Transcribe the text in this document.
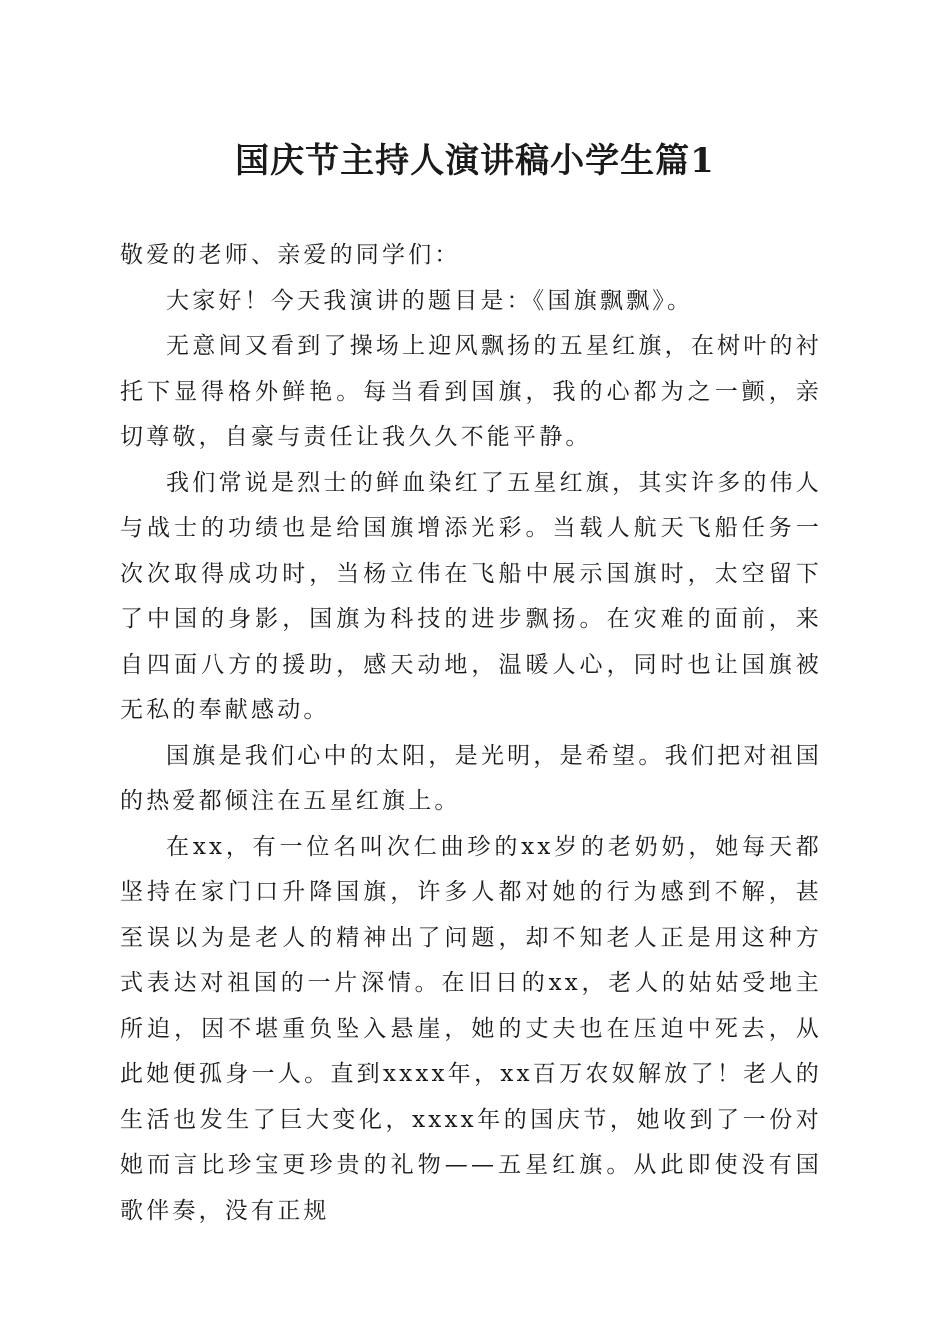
国庆节主持人演讲稿小学生篇1

敬爱的老师、亲爱的同学们：

大家好！今天我演讲的题目是：《国旗飘飘》。

无意间又看到了操场上迎风飘扬的五星红旗，在树叶的衬托下显得格外鲜艳。每当看到国旗，我的心都为之一颤，亲切尊敬，自豪与责任让我久久不能平静。

我们常说是烈士的鲜血染红了五星红旗，其实许多的伟人与战士的功绩也是给国旗增添光彩。当载人航天飞船任务一次次取得成功时，当杨立伟在飞船中展示国旗时，太空留下了中国的身影，国旗为科技的进步飘扬。在灾难的面前，来自四面八方的援助，感天动地，温暖人心，同时也让国旗被无私的奉献感动。

国旗是我们心中的太阳，是光明，是希望。我们把对祖国的热爱都倾注在五星红旗上。

在xx，有一位名叫次仁曲珍的xx岁的老奶奶，她每天都坚持在家门口升降国旗，许多人都对她的行为感到不解，甚至误以为是老人的精神出了问题，却不知老人正是用这种方式表达对祖国的一片深情。在旧日的xx，老人的姑姑受地主所迫，因不堪重负坠入悬崖，她的丈夫也在压迫中死去，从此她便孤身一人。直到xxxx年，xx百万农奴解放了！老人的生活也发生了巨大变化，xxxx年的国庆节，她收到了一份对她而言比珍宝更珍贵的礼物——五星红旗。从此即使没有国歌伴奏，没有正规
